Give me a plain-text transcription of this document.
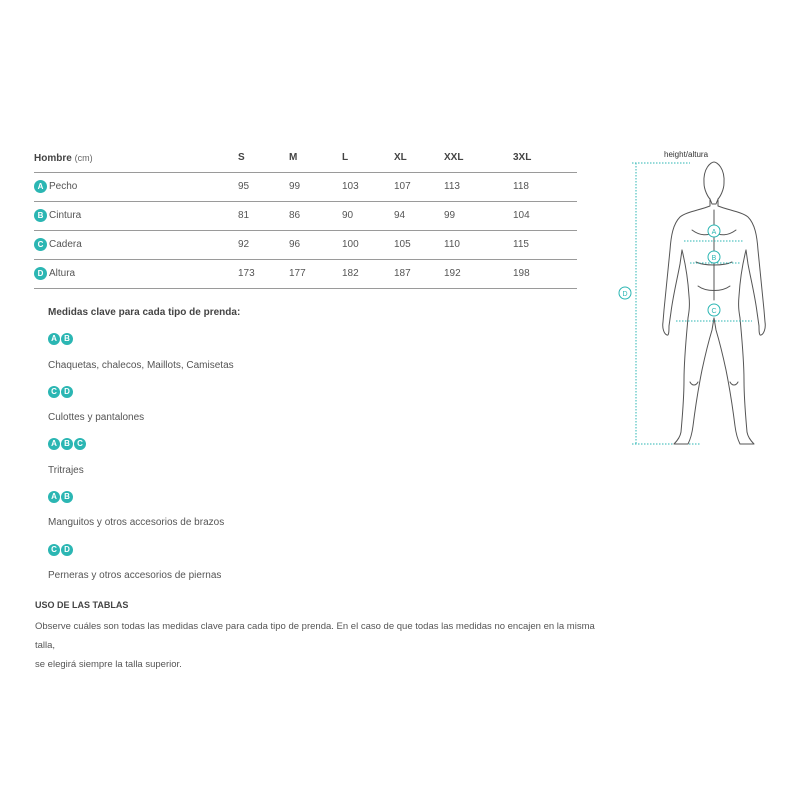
Hombre (cm)	S	M	L	XL	XXL	3XL
A Pecho	95	99	103	107	113	118
B Cintura	81	86	90	94	99	104
C Cadera	92	96	100	105	110	115
D Altura	173	177	182	187	192	198
Medidas clave para cada tipo de prenda:
A B
Chaquetas, chalecos, Maillots, Camisetas
C D
Culottes y pantalones
A B C
Tritrajes
A B
Manguitos y otros accesorios de brazos
C D
Perneras y otros accesorios de piernas
USO DE LAS TABLAS
Observe cuáles son todas las medidas clave para cada tipo de prenda. En el caso de que todas las medidas no encajen en la misma talla,
se elegirá siempre la talla superior.
height/altura
A
B
C
D
